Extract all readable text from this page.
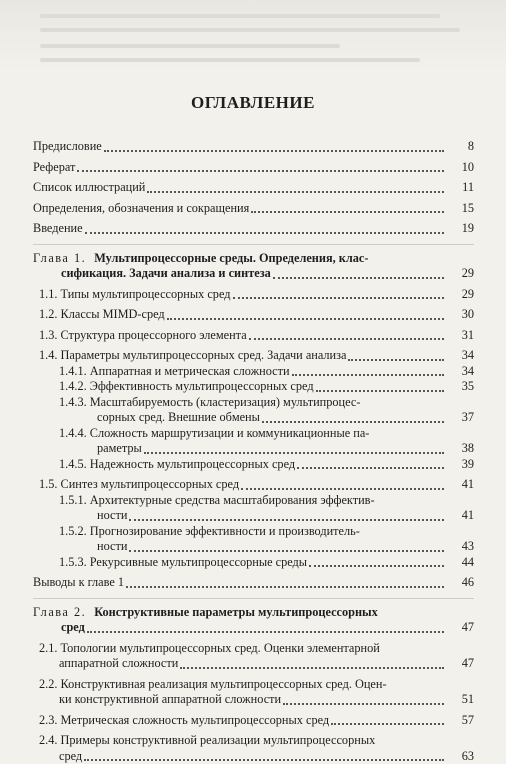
ОГЛАВЛЕНИЕ
Предисловие	8
Реферат	10
Список иллюстраций	11
Определения, обозначения и сокращения	15
Введение	19
Глава 1. Мультипроцессорные среды. Определения, клас-
сификация. Задачи анализа и синтеза	29
1.1. Типы мультипроцессорных сред	29
1.2. Классы MIMD-сред	30
1.3. Структура процессорного элемента	31
1.4. Параметры мультипроцессорных сред. Задачи анализа	34
1.4.1. Аппаратная и метрическая сложности	34
1.4.2. Эффективность мультипроцессорных сред	35
1.4.3. Масштабируемость (кластеризация) мультипроцес-
сорных сред. Внешние обмены	37
1.4.4. Сложность маршрутизации и коммуникационные па-
раметры	38
1.4.5. Надежность мультипроцессорных сред	39
1.5. Синтез мультипроцессорных сред	41
1.5.1. Архитектурные средства масштабирования эффектив-
ности	41
1.5.2. Прогнозирование эффективности и производитель-
ности	43
1.5.3. Рекурсивные мультипроцессорные среды	44
Выводы к главе 1	46
Глава 2. Конструктивные параметры мультипроцессорных
сред	47
2.1. Топологии мультипроцессорных сред. Оценки элементарной
аппаратной сложности	47
2.2. Конструктивная реализация мультипроцессорных сред. Оцен-
ки конструктивной аппаратной сложности	51
2.3. Метрическая сложность мультипроцессорных сред	57
2.4. Примеры конструктивной реализации мультипроцессорных
сред	63
